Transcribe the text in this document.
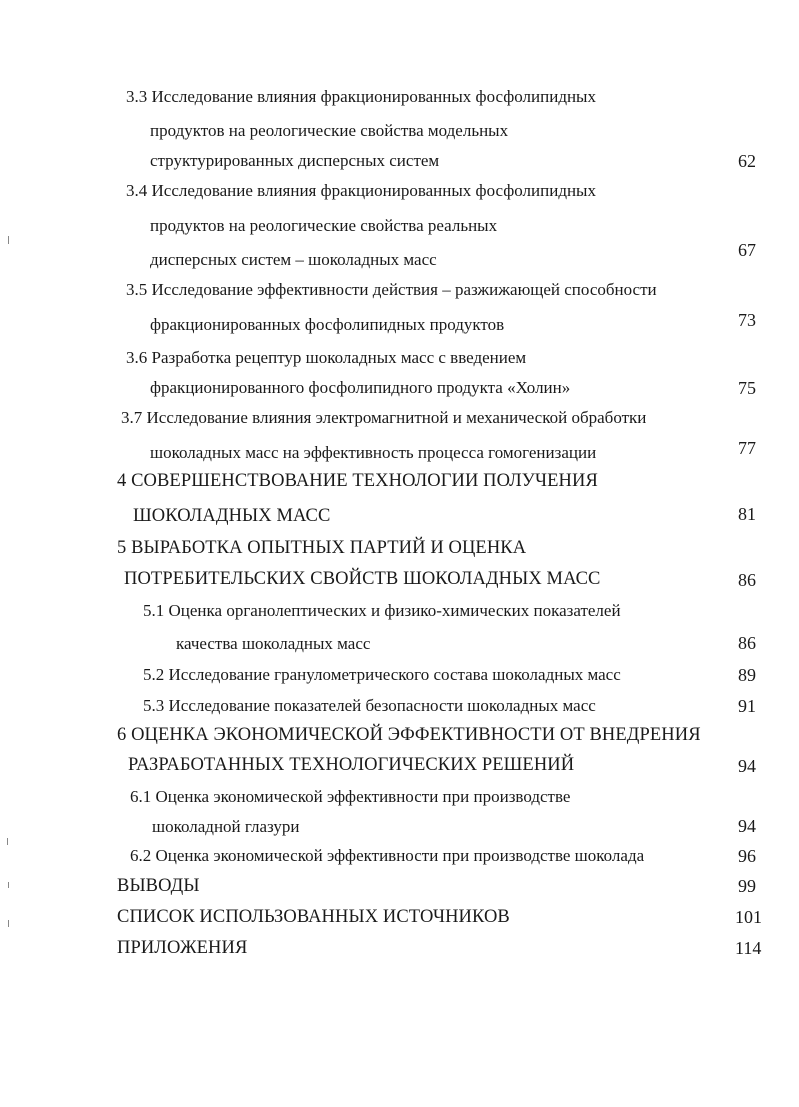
3.3 Исследование влияния фракционированных фосфолипидных
продуктов на реологические свойства модельных
структурированных дисперсных систем	62
3.4 Исследование влияния фракционированных фосфолипидных
продуктов на реологические свойства реальных
дисперсных систем – шоколадных масс	67
3.5 Исследование эффективности действия – разжижающей способности
фракционированных фосфолипидных продуктов	73
3.6 Разработка рецептур шоколадных масс с введением
фракционированного фосфолипидного продукта «Холин»	75
3.7 Исследование влияния электромагнитной и механической обработки
шоколадных масс на эффективность процесса гомогенизации	77
4 СОВЕРШЕНСТВОВАНИЕ ТЕХНОЛОГИИ ПОЛУЧЕНИЯ
ШОКОЛАДНЫХ МАСС	81
5 ВЫРАБОТКА ОПЫТНЫХ ПАРТИЙ И ОЦЕНКА
ПОТРЕБИТЕЛЬСКИХ СВОЙСТВ ШОКОЛАДНЫХ МАСС	86
5.1 Оценка органолептических и физико-химических показателей
качества шоколадных масс	86
5.2 Исследование гранулометрического состава шоколадных масс	89
5.3 Исследование показателей безопасности шоколадных масс	91
6 ОЦЕНКА ЭКОНОМИЧЕСКОЙ ЭФФЕКТИВНОСТИ ОТ ВНЕДРЕНИЯ
РАЗРАБОТАННЫХ ТЕХНОЛОГИЧЕСКИХ РЕШЕНИЙ	94
6.1 Оценка экономической эффективности при производстве
шоколадной глазури	94
6.2 Оценка экономической эффективности при производстве шоколада	96
ВЫВОДЫ	99
СПИСОК ИСПОЛЬЗОВАННЫХ ИСТОЧНИКОВ	101
ПРИЛОЖЕНИЯ	114
